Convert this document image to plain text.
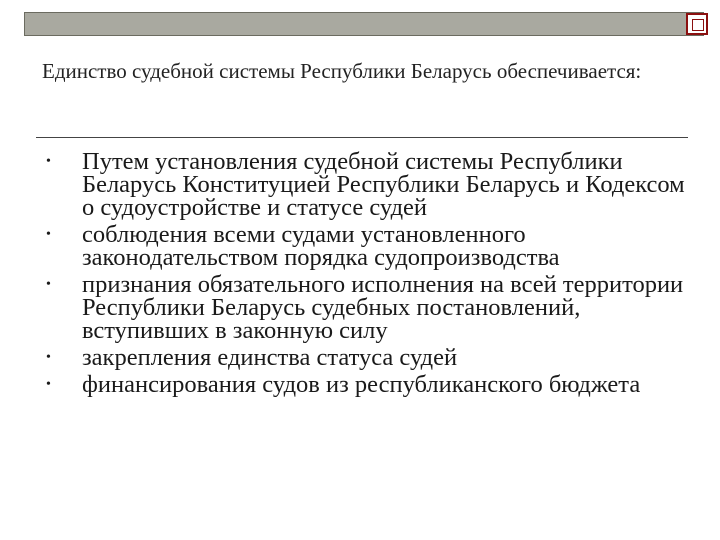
Единство судебной системы Республики Беларусь обеспечивается:
• Путем установления судебной системы Республики Беларусь Конституцией Республики Беларусь и Кодексом о судоустройстве и статусе судей
• соблюдения всеми судами установленного законодательством порядка судопроизводства
• признания обязательного исполнения на всей территории Республики Беларусь судебных постановлений, вступивших в законную силу
• закрепления единства статуса судей
• финансирования судов из республиканского бюджета
